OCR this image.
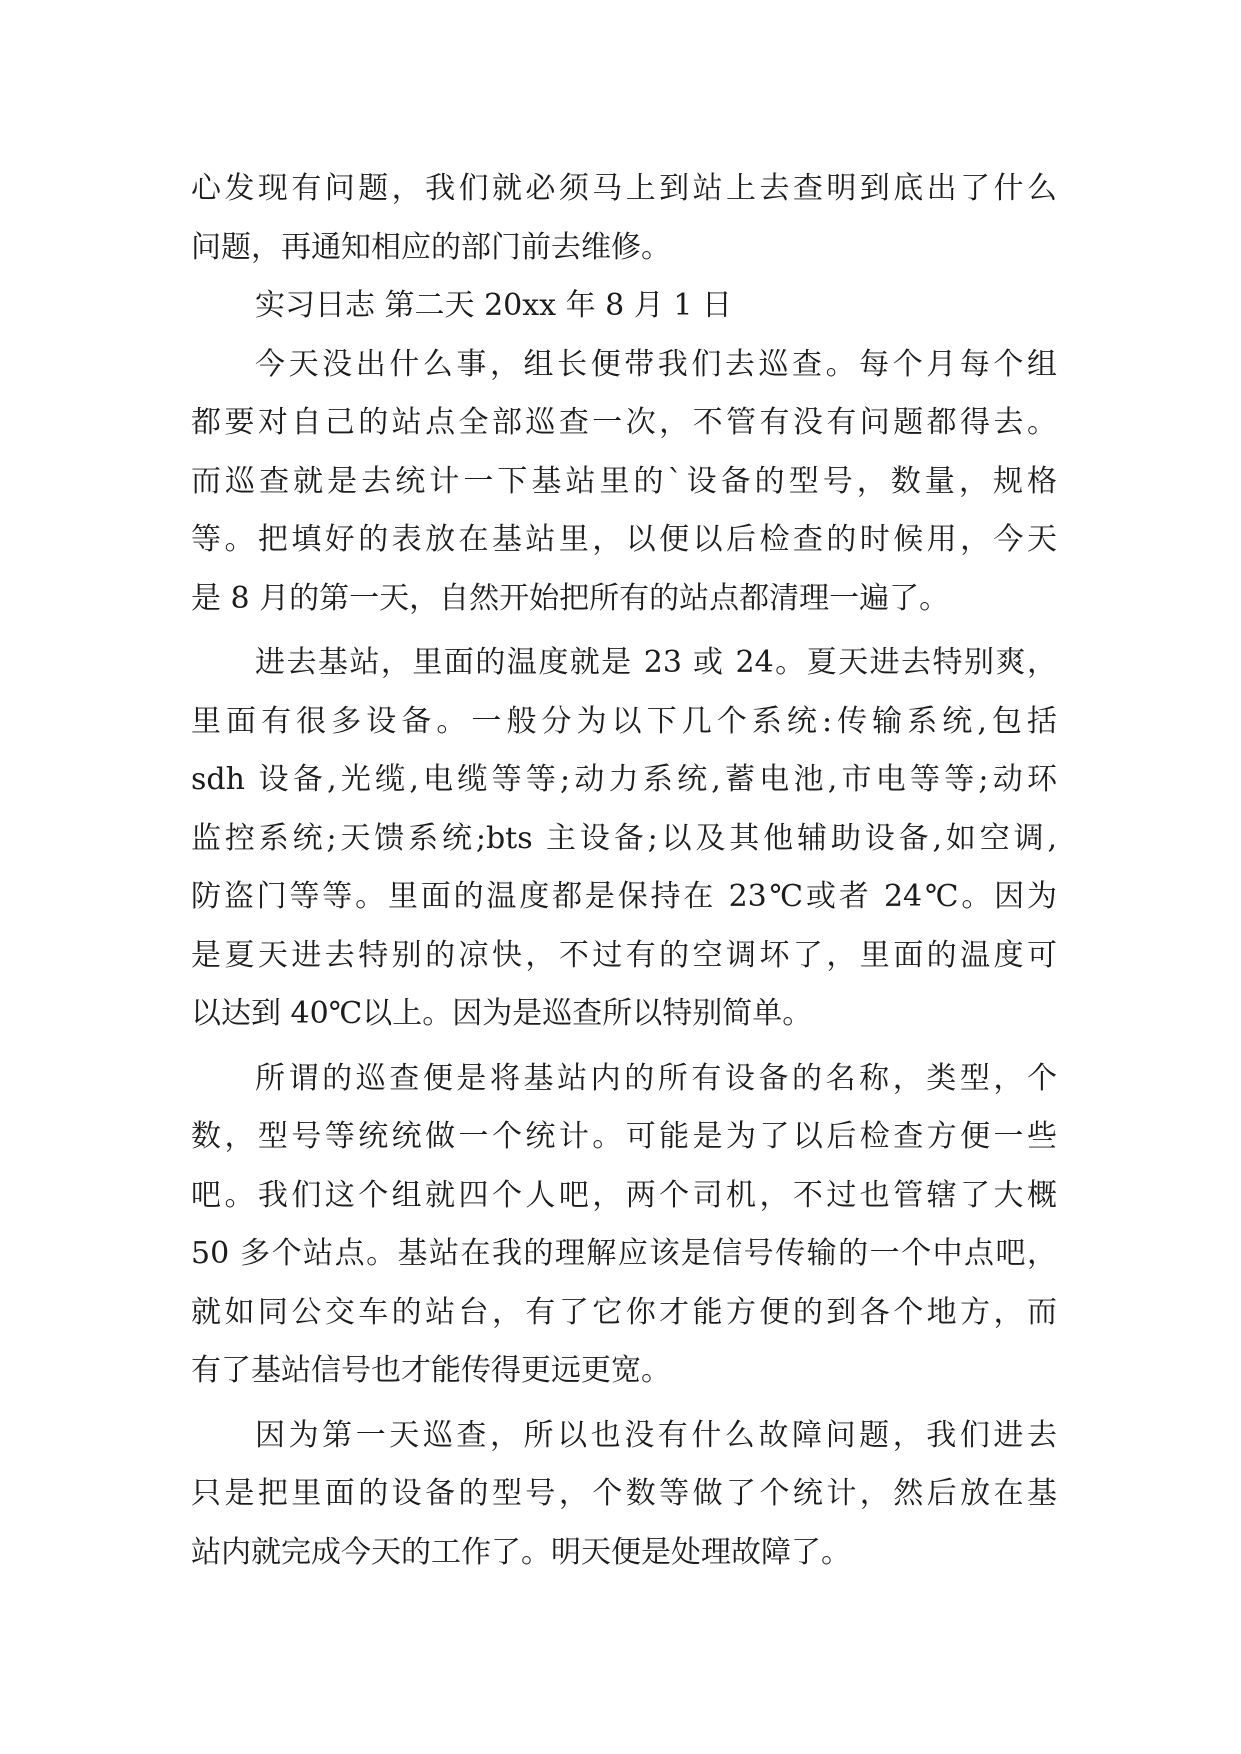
心发现有问题，我们就必须马上到站上去查明到底出了什么
问题，再通知相应的部门前去维修。
实习日志 第二天 20xx 年 8 月 1 日
今天没出什么事，组长便带我们去巡查。每个月每个组
都要对自己的站点全部巡查一次，不管有没有问题都得去。
而巡查就是去统计一下基站里的`设备的型号，数量，规格
等。把填好的表放在基站里，以便以后检查的时候用，今天
是 8 月的第一天，自然开始把所有的站点都清理一遍了。
进去基站，里面的温度就是 23 或 24。夏天进去特别爽，
里面有很多设备。一般分为以下几个系统:传输系统,包括
sdh 设备,光缆,电缆等等;动力系统,蓄电池,市电等等;动环
监控系统;天馈系统;bts 主设备;以及其他辅助设备,如空调,
防盗门等等。里面的温度都是保持在 23℃或者 24℃。因为
是夏天进去特别的凉快，不过有的空调坏了，里面的温度可
以达到 40℃以上。因为是巡查所以特别简单。
所谓的巡查便是将基站内的所有设备的名称，类型，个
数，型号等统统做一个统计。可能是为了以后检查方便一些
吧。我们这个组就四个人吧，两个司机，不过也管辖了大概
50 多个站点。基站在我的理解应该是信号传输的一个中点吧，
就如同公交车的站台，有了它你才能方便的到各个地方，而
有了基站信号也才能传得更远更宽。
因为第一天巡查，所以也没有什么故障问题，我们进去
只是把里面的设备的型号，个数等做了个统计，然后放在基
站内就完成今天的工作了。明天便是处理故障了。
